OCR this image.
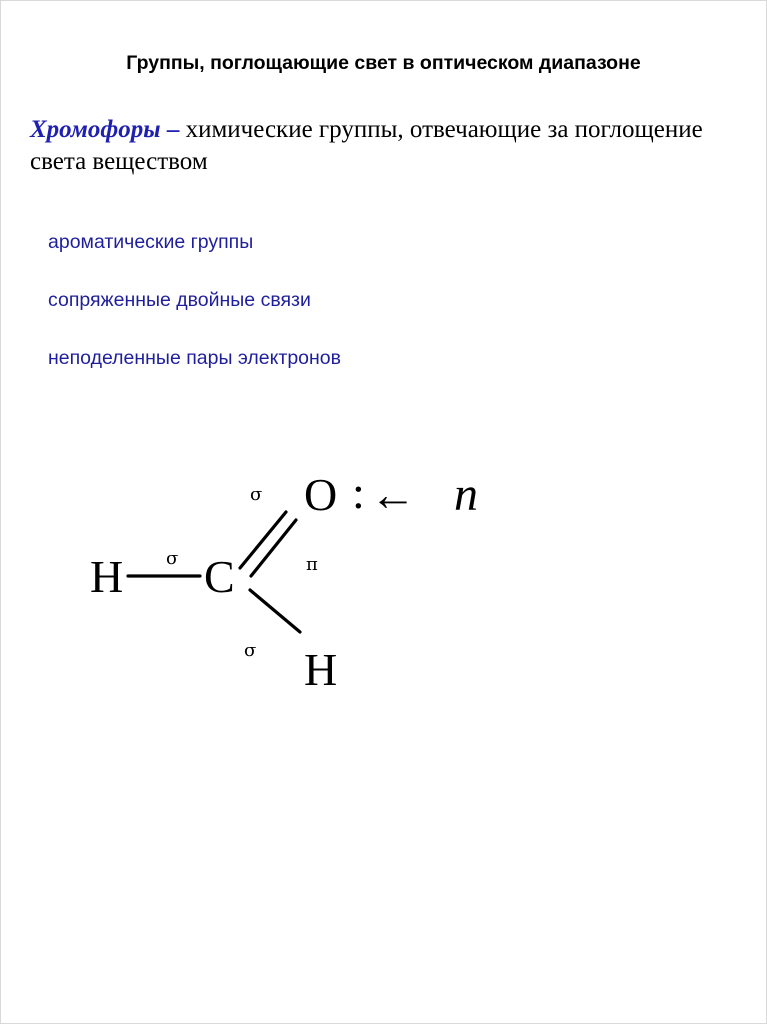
Группы, поглощающие свет в оптическом диапазоне
Хромофоры – химические группы, отвечающие за поглощение света веществом
ароматические группы
сопряженные двойные связи
неподеленные пары электронов
H C
O
H
: ← n
σ
σ
π
σ
